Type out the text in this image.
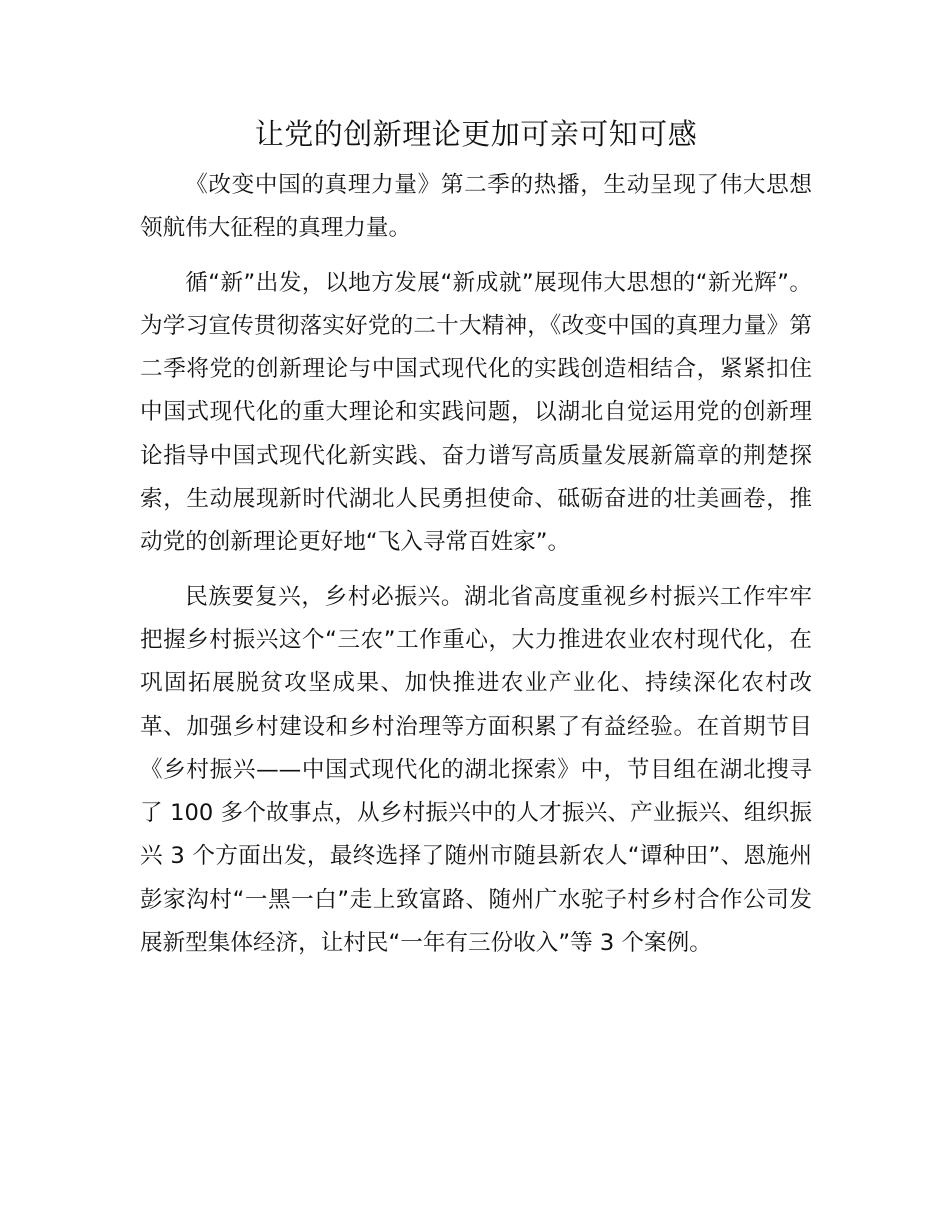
让党的创新理论更加可亲可知可感

《改变中国的真理力量》第二季的热播，生动呈现了伟大思想领航伟大征程的真理力量。

循“新”出发，以地方发展“新成就”展现伟大思想的“新光辉”。为学习宣传贯彻落实好党的二十大精神，《改变中国的真理力量》第二季将党的创新理论与中国式现代化的实践创造相结合，紧紧扣住中国式现代化的重大理论和实践问题，以湖北自觉运用党的创新理论指导中国式现代化新实践、奋力谱写高质量发展新篇章的荆楚探索，生动展现新时代湖北人民勇担使命、砥砺奋进的壮美画卷，推动党的创新理论更好地“飞入寻常百姓家”。

民族要复兴，乡村必振兴。湖北省高度重视乡村振兴工作牢牢把握乡村振兴这个“三农”工作重心，大力推进农业农村现代化，在巩固拓展脱贫攻坚成果、加快推进农业产业化、持续深化农村改革、加强乡村建设和乡村治理等方面积累了有益经验。在首期节目《乡村振兴——中国式现代化的湖北探索》中，节目组在湖北搜寻了 100 多个故事点，从乡村振兴中的人才振兴、产业振兴、组织振兴 3 个方面出发，最终选择了随州市随县新农人“谭种田”、恩施州彭家沟村“一黑一白”走上致富路、随州广水驼子村乡村合作公司发展新型集体经济，让村民“一年有三份收入”等 3 个案例。
